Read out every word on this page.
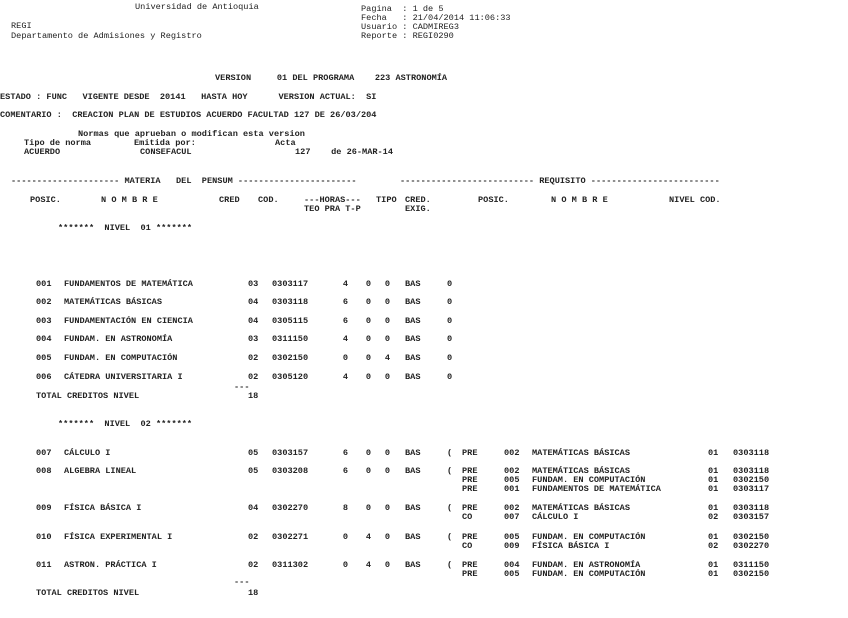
Universidad de Antioquia
REGI
Departamento de Admisiones y Registro
Pagina  : 1 de 5
Fecha   : 21/04/2014 11:06:33
Usuario : CADMIREG3
Reporte : REGI0290
VERSION     01 DEL PROGRAMA    223 ASTRONOMÍA
ESTADO : FUNC   VIGENTE DESDE  20141   HASTA HOY      VERSION ACTUAL:  SI
COMENTARIO :  CREACION PLAN DE ESTUDIOS ACUERDO FACULTAD 127 DE 26/03/204
Normas que aprueban o modifican esta version
Tipo de norma	Emitida por:	Acta
ACUERDO	CONSEFACUL	127    de 26-MAR-14
--------------------- MATERIA   DEL  PENSUM -----------------------	-------------------------- REQUISITO -------------------------
POSIC.	N O M B R E	CRED COD.	---HORAS---
TEO PRA T-P
TIPO CRED.
EXIG.
POSIC.	N O M B R E	NIVEL COD.
*******  NIVEL  01 *******
001 FUNDAMENTOS DE MATEMÁTICA	03 0303117	4	0	0 BAS	0
002 MATEMÁTICAS BÁSICAS	04 0303118	6	0	0 BAS	0
003 FUNDAMENTACIÓN EN CIENCIA	04 0305115	6	0	0 BAS	0
004 FUNDAM. EN ASTRONOMÍA	03 0311150	4	0	0 BAS	0
005 FUNDAM. EN COMPUTACIÓN	02 0302150	0	0	4 BAS	0
006 CÁTEDRA UNIVERSITARIA I	02 0305120	4	0	0 BAS	0
---
TOTAL CREDITOS NIVEL	18
*******  NIVEL  02 *******
007 CÁLCULO I	05 0303157	6	0	0 BAS	( PRE	002 MATEMÁTICAS BÁSICAS	01 0303118
008 ALGEBRA LINEAL	05 0303208	6	0	0 BAS	( PRE	002 MATEMÁTICAS BÁSICAS	01 0303118
PRE	005 FUNDAM. EN COMPUTACIÓN	01 0302150
PRE	001 FUNDAMENTOS DE MATEMÁTICA	01 0303117
009 FÍSICA BÁSICA I	04 0302270	8	0	0 BAS	( PRE	002 MATEMÁTICAS BÁSICAS	01 0303118
CO	007 CÁLCULO I	02 0303157
010 FÍSICA EXPERIMENTAL I	02 0302271	0	4	0 BAS	( PRE	005 FUNDAM. EN COMPUTACIÓN	01 0302150
CO	009 FÍSICA BÁSICA I	02 0302270
011 ASTRON. PRÁCTICA I	02 0311302	0	4	0 BAS	( PRE	004 FUNDAM. EN ASTRONOMÍA	01 0311150
PRE	005 FUNDAM. EN COMPUTACIÓN	01 0302150
---
TOTAL CREDITOS NIVEL	18
